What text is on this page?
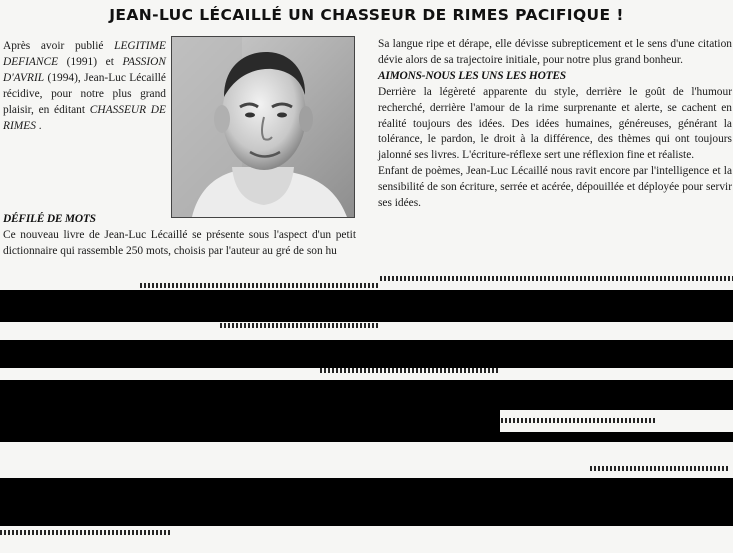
JEAN-LUC LÉCAILLÉ UN CHASSEUR DE RIMES PACIFIQUE !

Après avoir publié LEGITIME DEFIANCE (1991) et PASSION D'AVRIL (1994), Jean-Luc Lécaillé récidive, pour notre plus grand plaisir, en éditant CHASSEUR DE RIMES .

DÉFILÉ DE MOTS

Ce nouveau livre de Jean-Luc Lécaillé se présente sous l'aspect d'un petit dictionnaire qui rassemble 250 mots, choisis par l'auteur au gré de son hu

Sa langue ripe et dérape, elle dévisse subrepticement et le sens d'une citation dévie alors de sa trajectoire initiale, pour notre plus grand bonheur.

AIMONS-NOUS LES UNS LES HOTES

Derrière la légèreté apparente du style, derrière le goût de l'humour recherché, derrière l'amour de la rime surprenante et alerte, se cachent en réalité toujours des idées. Des idées humaines, généreuses, générant la tolérance, le pardon, le droit à la différence, des thèmes qui ont toujours jalonné ses livres. L'écriture-réflexe sert une réflexion fine et réaliste.

Enfant de poèmes, Jean-Luc Lécaillé nous ravit encore par l'intelligence et la sensibilité de son écriture, serrée et acérée, dépouillée et déployée pour servir ses idées.
